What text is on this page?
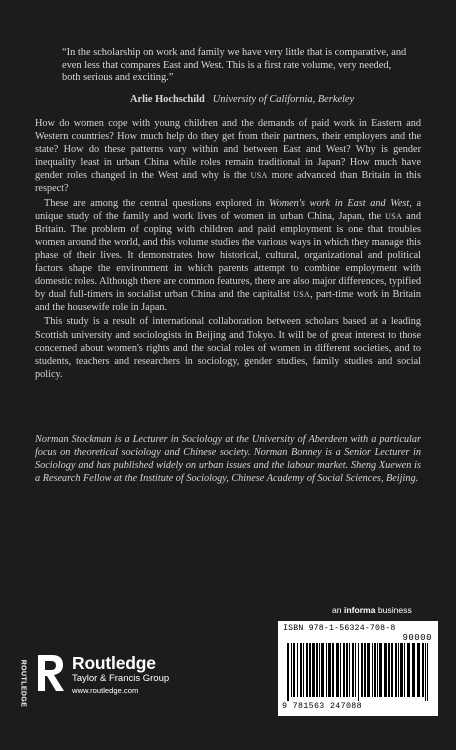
“In the scholarship on work and family we have very little that is comparative, and even less that compares East and West. This is a first rate volume, very needed, both serious and exciting.”
Arlie Hochschild University of California, Berkeley

How do women cope with young children and the demands of paid work in Eastern and Western countries? How much help do they get from their partners, their employers and the state? How do these patterns vary within and between East and West? Why is gender inequality least in urban China while roles remain traditional in Japan? How much have gender roles changed in the West and why is the USA more advanced than Britain in this respect?

These are among the central questions explored in Women's work in East and West, a unique study of the family and work lives of women in urban China, Japan, the USA and Britain. The problem of coping with children and paid employment is one that troubles women around the world, and this volume studies the various ways in which they manage this phase of their lives. It demonstrates how historical, cultural, organizational and political factors shape the environment in which parents attempt to combine employment with domestic roles. Although there are common features, there are also major differences, typified by dual full-timers in socialist urban China and the capitalist USA, part-time work in Britain and the housewife role in Japan.

This study is a result of international collaboration between scholars based at a leading Scottish university and sociologists in Beijing and Tokyo. It will be of great interest to those concerned about women's rights and the social roles of women in different societies, and to students, teachers and researchers in sociology, gender studies, family studies and social policy.

Norman Stockman is a Lecturer in Sociology at the University of Aberdeen with a particular focus on theoretical sociology and Chinese society. Norman Bonney is a Senior Lecturer in Sociology and has published widely on urban issues and the labour market. Sheng Xuewen is a Research Fellow at the Institute of Sociology, Chinese Academy of Social Sciences, Beijing.
an informa business
ISBN 978-1-56324-708-8
90000
9 781563 247088
ROUTLEDGE	Routledge
Taylor & Francis Group
www.routledge.com
